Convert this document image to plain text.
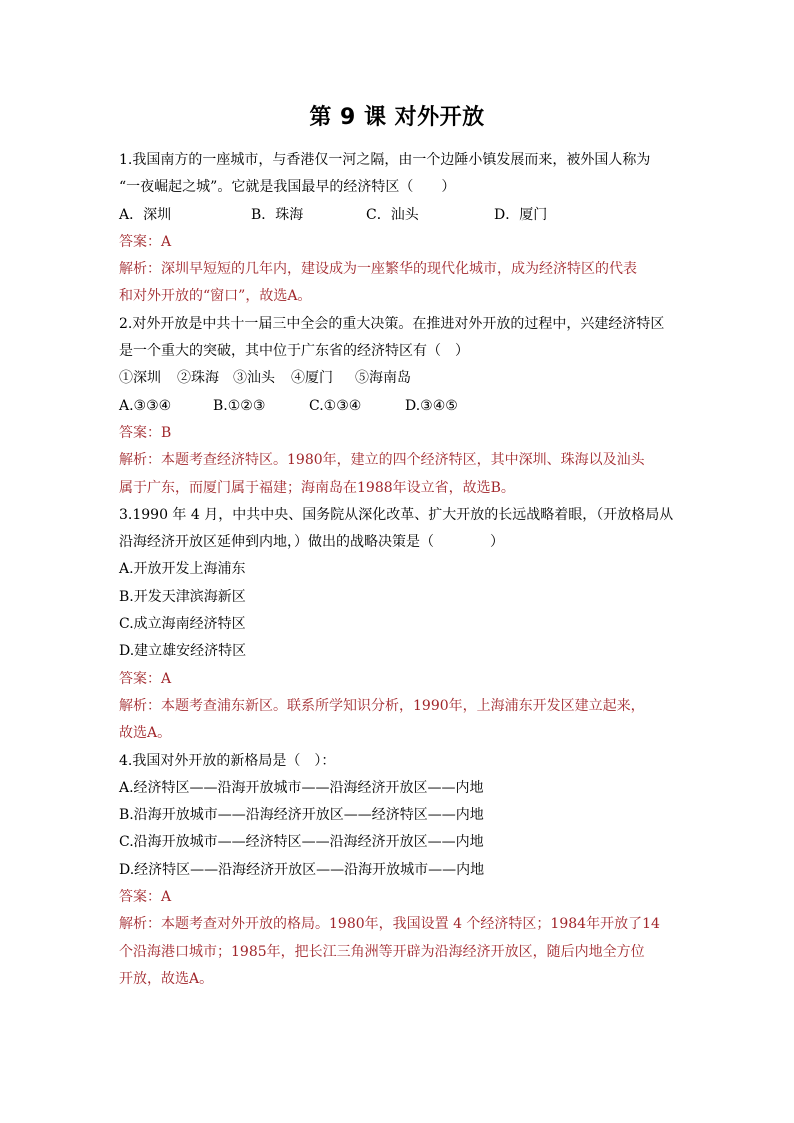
第 9 课 对外开放
1.我国南方的一座城市，与香港仅一河之隔，由一个边陲小镇发展而来，被外国人称为
“一夜崛起之城”。它就是我国最早的经济特区（　　）
A．深圳	B．珠海	C．汕头	D．厦门
答案：A
解析：深圳早短短的几年内，建设成为一座繁华的现代化城市，成为经济特区的代表
和对外开放的“窗口”，故选A。
2.对外开放是中共十一届三中全会的重大决策。在推进对外开放的过程中，兴建经济特区
是一个重大的突破，其中位于广东省的经济特区有（　）
①深圳 ②珠海 ③汕头 ④厦门 ⑤海南岛
A.③③④	B.①②③	C.①③④	D.③④⑤
答案：B
解析：本题考查经济特区。1980年，建立的四个经济特区，其中深圳、珠海以及汕头
属于广东，而厦门属于福建；海南岛在1988年设立省，故选B。
3.1990 年 4 月，中共中央、国务院从深化改革、扩大开放的长远战略着眼，（开放格局从
沿海经济开放区延伸到内地，）做出的战略决策是（　　　　）
A.开放开发上海浦东
B.开发天津滨海新区
C.成立海南经济特区
D.建立雄安经济特区
答案：A
解析：本题考查浦东新区。联系所学知识分析，1990年，上海浦东开发区建立起来，
故选A。
4.我国对外开放的新格局是（　）：
A.经济特区——沿海开放城市——沿海经济开放区——内地
B.沿海开放城市——沿海经济开放区——经济特区——内地
C.沿海开放城市——经济特区——沿海经济开放区——内地
D.经济特区——沿海经济开放区——沿海开放城市——内地
答案：A
解析：本题考查对外开放的格局。1980年，我国设置 4 个经济特区；1984年开放了14
个沿海港口城市；1985年，把长江三角洲等开辟为沿海经济开放区，随后内地全方位
开放，故选A。
